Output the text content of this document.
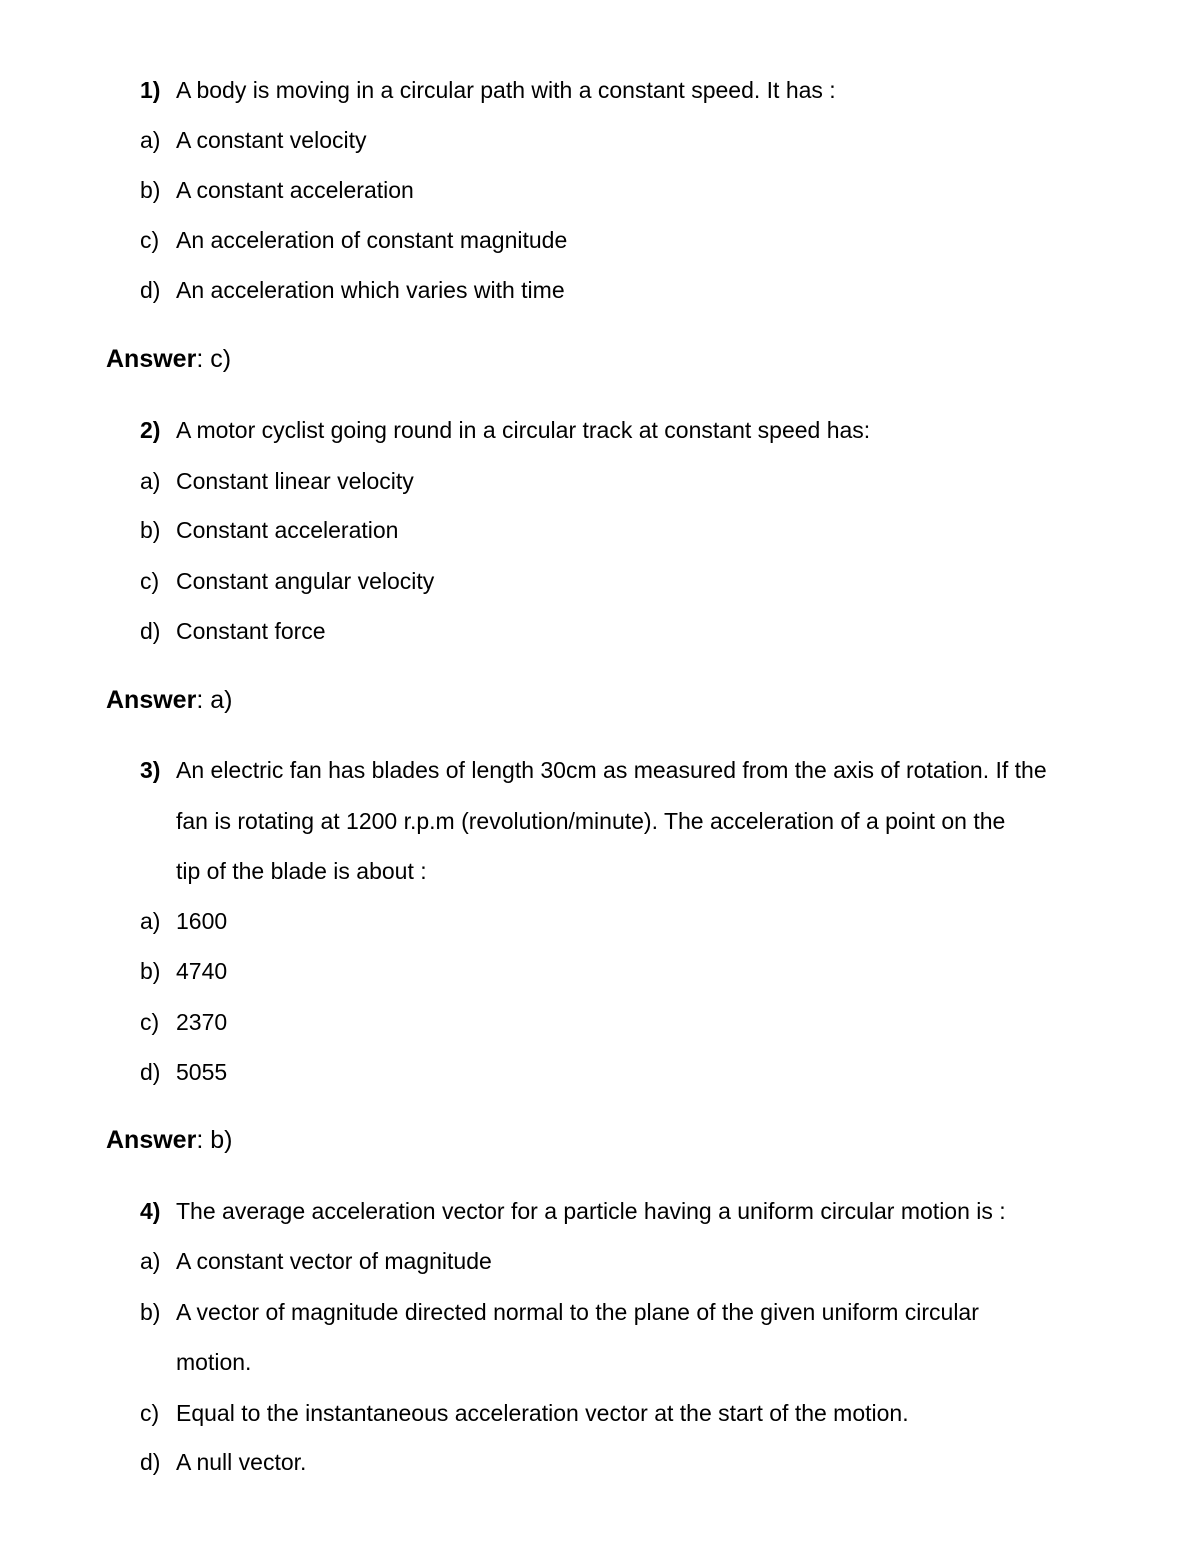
1) A body is moving in a circular path with a constant speed. It has :
a) A constant velocity
b) A constant acceleration
c) An acceleration of constant magnitude
d) An acceleration which varies with time
Answer: c)
2) A motor cyclist going round in a circular track at constant speed has:
a) Constant linear velocity
b) Constant acceleration
c) Constant angular velocity
d) Constant force
Answer: a)
3) An electric fan has blades of length 30cm as measured from the axis of rotation. If the
fan is rotating at 1200 r.p.m (revolution/minute). The acceleration of a point on the
tip of the blade is about :
a) 1600
b) 4740
c) 2370
d) 5055
Answer: b)
4) The average acceleration vector for a particle having a uniform circular motion is :
a) A constant vector of magnitude
b) A vector of magnitude directed normal to the plane of the given uniform circular
motion.
c) Equal to the instantaneous acceleration vector at the start of the motion.
d) A null vector.
